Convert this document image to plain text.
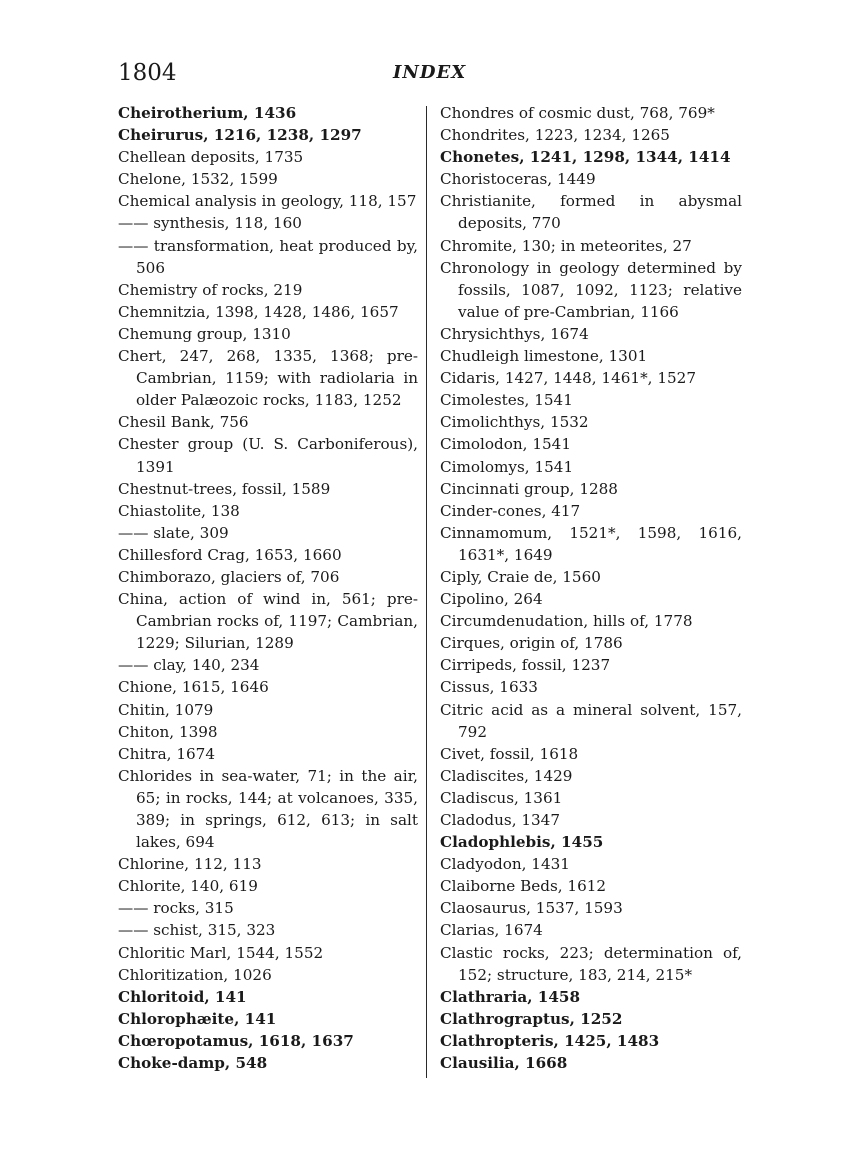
1804	INDEX
Cheirotherium, 1436
Cheirurus, 1216, 1238, 1297
Chellean deposits, 1735
Chelone, 1532, 1599
Chemical analysis in geology, 118, 157
—— synthesis, 118, 160
—— transformation, heat produced by, 506
Chemistry of rocks, 219
Chemnitzia, 1398, 1428, 1486, 1657
Chemung group, 1310
Chert, 247, 268, 1335, 1368; pre-Cambrian, 1159; with radiolaria in older Palæozoic rocks, 1183, 1252
Chesil Bank, 756
Chester group (U. S. Carboniferous), 1391
Chestnut-trees, fossil, 1589
Chiastolite, 138
—— slate, 309
Chillesford Crag, 1653, 1660
Chimborazo, glaciers of, 706
China, action of wind in, 561; pre-Cambrian rocks of, 1197; Cambrian, 1229; Silurian, 1289
—— clay, 140, 234
Chione, 1615, 1646
Chitin, 1079
Chiton, 1398
Chitra, 1674
Chlorides in sea-water, 71; in the air, 65; in rocks, 144; at volcanoes, 335, 389; in springs, 612, 613; in salt lakes, 694
Chlorine, 112, 113
Chlorite, 140, 619
—— rocks, 315
—— schist, 315, 323
Chloritic Marl, 1544, 1552
Chloritization, 1026
Chloritoid, 141
Chlorophæite, 141
Chœropotamus, 1618, 1637
Choke-damp, 548
Chondres of cosmic dust, 768, 769*
Chondrites, 1223, 1234, 1265
Chonetes, 1241, 1298, 1344, 1414
Choristoceras, 1449
Christianite, formed in abysmal deposits, 770
Chromite, 130; in meteorites, 27
Chronology in geology determined by fossils, 1087, 1092, 1123; relative value of pre-Cambrian, 1166
Chrysichthys, 1674
Chudleigh limestone, 1301
Cidaris, 1427, 1448, 1461*, 1527
Cimolestes, 1541
Cimolichthys, 1532
Cimolodon, 1541
Cimolomys, 1541
Cincinnati group, 1288
Cinder-cones, 417
Cinnamomum, 1521*, 1598, 1616, 1631*, 1649
Ciply, Craie de, 1560
Cipolino, 264
Circumdenudation, hills of, 1778
Cirques, origin of, 1786
Cirripeds, fossil, 1237
Cissus, 1633
Citric acid as a mineral solvent, 157, 792
Civet, fossil, 1618
Cladiscites, 1429
Cladiscus, 1361
Cladodus, 1347
Cladophlebis, 1455
Cladyodon, 1431
Claiborne Beds, 1612
Claosaurus, 1537, 1593
Clarias, 1674
Clastic rocks, 223; determination of, 152; structure, 183, 214, 215*
Clathraria, 1458
Clathrograptus, 1252
Clathropteris, 1425, 1483
Clausilia, 1668
